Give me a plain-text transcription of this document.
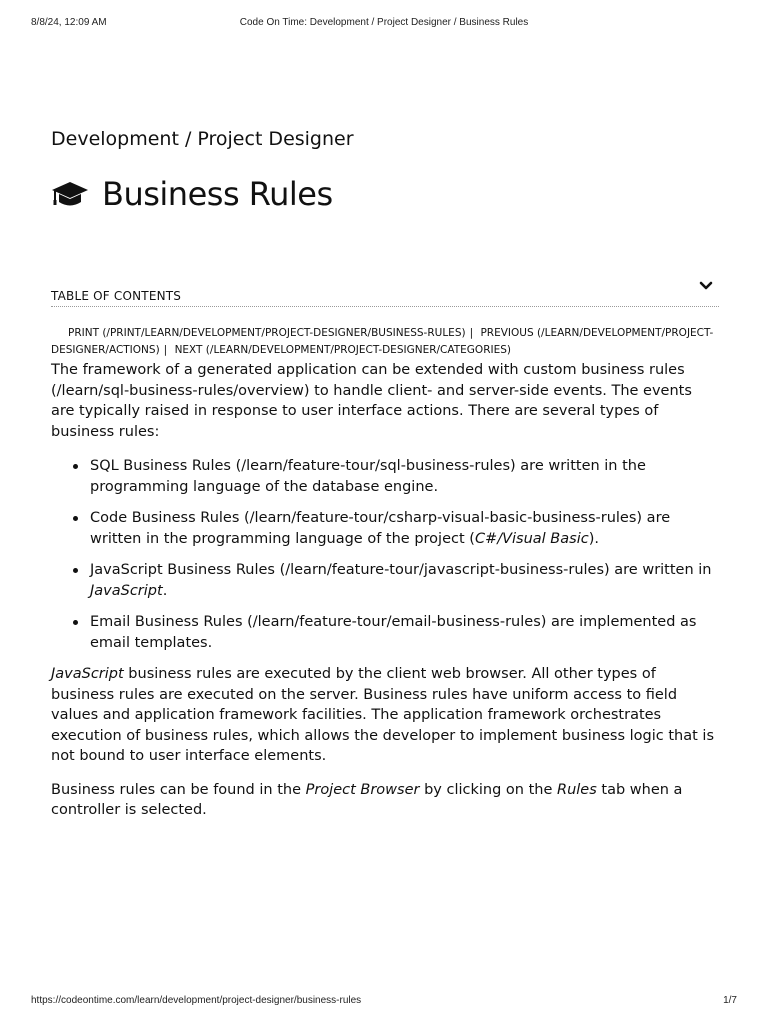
8/8/24, 12:09 AM	Code On Time: Development / Project Designer / Business Rules
Development / Project Designer
Business Rules
TABLE OF CONTENTS
PRINT (/PRINT/LEARN/DEVELOPMENT/PROJECT-DESIGNER/BUSINESS-RULES) | PREVIOUS (/LEARN/DEVELOPMENT/PROJECT-DESIGNER/ACTIONS) | NEXT (/LEARN/DEVELOPMENT/PROJECT-DESIGNER/CATEGORIES)

The framework of a generated application can be extended with custom business rules (/learn/sql-business-rules/overview) to handle client- and server-side events. The events are typically raised in response to user interface actions. There are several types of business rules:

SQL Business Rules (/learn/feature-tour/sql-business-rules) are written in the programming language of the database engine.
Code Business Rules (/learn/feature-tour/csharp-visual-basic-business-rules) are written in the programming language of the project (C#/Visual Basic).
JavaScript Business Rules (/learn/feature-tour/javascript-business-rules) are written in JavaScript.
Email Business Rules (/learn/feature-tour/email-business-rules) are implemented as email templates.

JavaScript business rules are executed by the client web browser. All other types of business rules are executed on the server. Business rules have uniform access to field values and application framework facilities. The application framework orchestrates execution of business rules, which allows the developer to implement business logic that is not bound to user interface elements.

Business rules can be found in the Project Browser by clicking on the Rules tab when a controller is selected.

https://codeontime.com/learn/development/project-designer/business-rules	1/7
